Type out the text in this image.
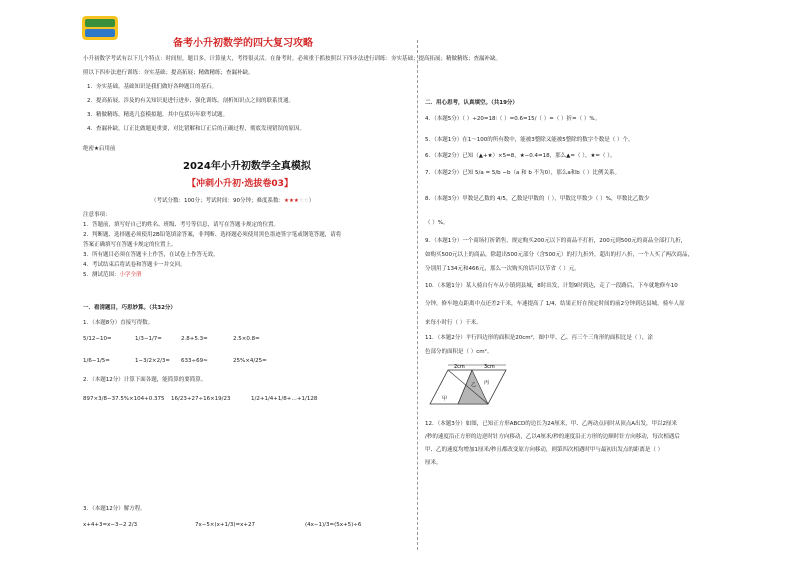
备考小升初数学的四大复习攻略
小升初数学考试有以下几个特点：时间短，题目多，计算量大，考得很灵活。在备考时，必须重于抓按照以下四步法进行训练：夯实基础；提高拓展；精做精练；查漏补缺。
照以下四步法进行训练：夯实基础；提高拓展；精做精练；查漏补缺。
1．夯实基础。基础知识是我们做好各种题目的基石。
2．提高拓展。涉及的有关知识更进行进步、强化训练。剖析知识点之间的联系贯通。
3．精做精练。精选几套模拟题，其中包括历年联考试题。
4．查漏补缺。订正比做题更重要，对比错解和订正后的正确过程，彻底发现错误的原因。
绝密★启用前
2024年小升初数学全真模拟
【冲刺小升初·选拔卷03】
（考试分数：100分；考试时间：90分钟；难度系数：★★★☆☆）
注意事项：
1．答题前，填写好自己的姓名、班级、考号等信息，请写在答题卡规定的位置。
2．判断题、选择题必须使用2B铅笔填涂答案，非判断、选择题必须使用黑色墨迹签字笔或钢笔答题，请将
答案正确填写在答题卡规定的位置上。
3．所有题目必须在答题卡上作答，在试卷上作答无效。
4．考试结束后将试卷和答题卡一并交回。
5．测试范围：小学全册
一．看清题目，巧思妙算。（共32分）
1．（本题8分）直接写得数。
5/12−10=	1/3−1/7=	2.8+5.3=	2.5×0.8=
1/6−1/5=	1−3/2×2/3= 633÷69≈	25%×4/25=
2．（本题12分）计算下面各题，能简算的要简算。
897×3/8−37.5%×104+0.375 16/23+27÷16×19/23	1/2+1/4+1/8+…+1/128
3．（本题12分）解方程。
x+4+3=x−3−2 2/3	7x−5×(x+1/3)=x+27	(4x−1)/3=(5x+5)÷6
二．用心思考，认真填空。（共19分）
4．（本题5分）（ ）÷20=18∶（ ）=0.6=15/（ ）=（ ）折=（ ）%。
5．（本题1分）在1～100的所有数中，能被3整除又能被5整除的数字个数是（ ）个。
6．（本题2分）已知（▲+★）×5=8，★−0.4=18，那么▲=（ ），★=（ ）。
7．（本题2分）已知 5/a = 5/b −b（a 和 b 不为0），那么a和b（ ）比例关系。
8．（本题3分）甲数是乙数的 4/5，乙数是甲数的（ ），甲数比甲数少（ ）%，甲数比乙数少
（ ）%。
9．（本题1分）一个商场打折销售，规定购买200元以下的商品不打折，200元到500元的商品全部打九折，
如购买500元以上的商品，除超出500元部分（含500元）的打九折外，超出的打八折，一个人买了两次商品，
分别用了134元和466元，那么一次购买的话可以节省（ ）元。
10．（本题1分）某人骑自行车从小镇到县城，8时出发，计划9时到达，走了一段路后，下车就地修车10
分钟，修车地点距离中点还差2千米，车速提高了 1/4，结果正好在预定时间的前2分钟到达县城，骑车人原
来每小时行（ ）千米。
11．（本题2分）平行四边形的面积是20cm²，图中甲、乙、丙三个三角形的面积比是（ ），涂
色部分的面积是（ ）cm²。
12．（本题3分）如图，已知正方形ABCD的边长为24厘米，甲、乙两动点同时从顶点A出发，甲以2厘米
/秒的速度沿正方形的边逆时针方向移动，乙以4厘米/秒的速度沿正方形的边顺时针方向移动，每次相遇后
甲、乙的速度均增加1厘米/秒且都改变原方向移动，则第四次相遇时甲与最初出发点的距离是（ ）
厘米。
2cm	3cm
乙 丙
甲
